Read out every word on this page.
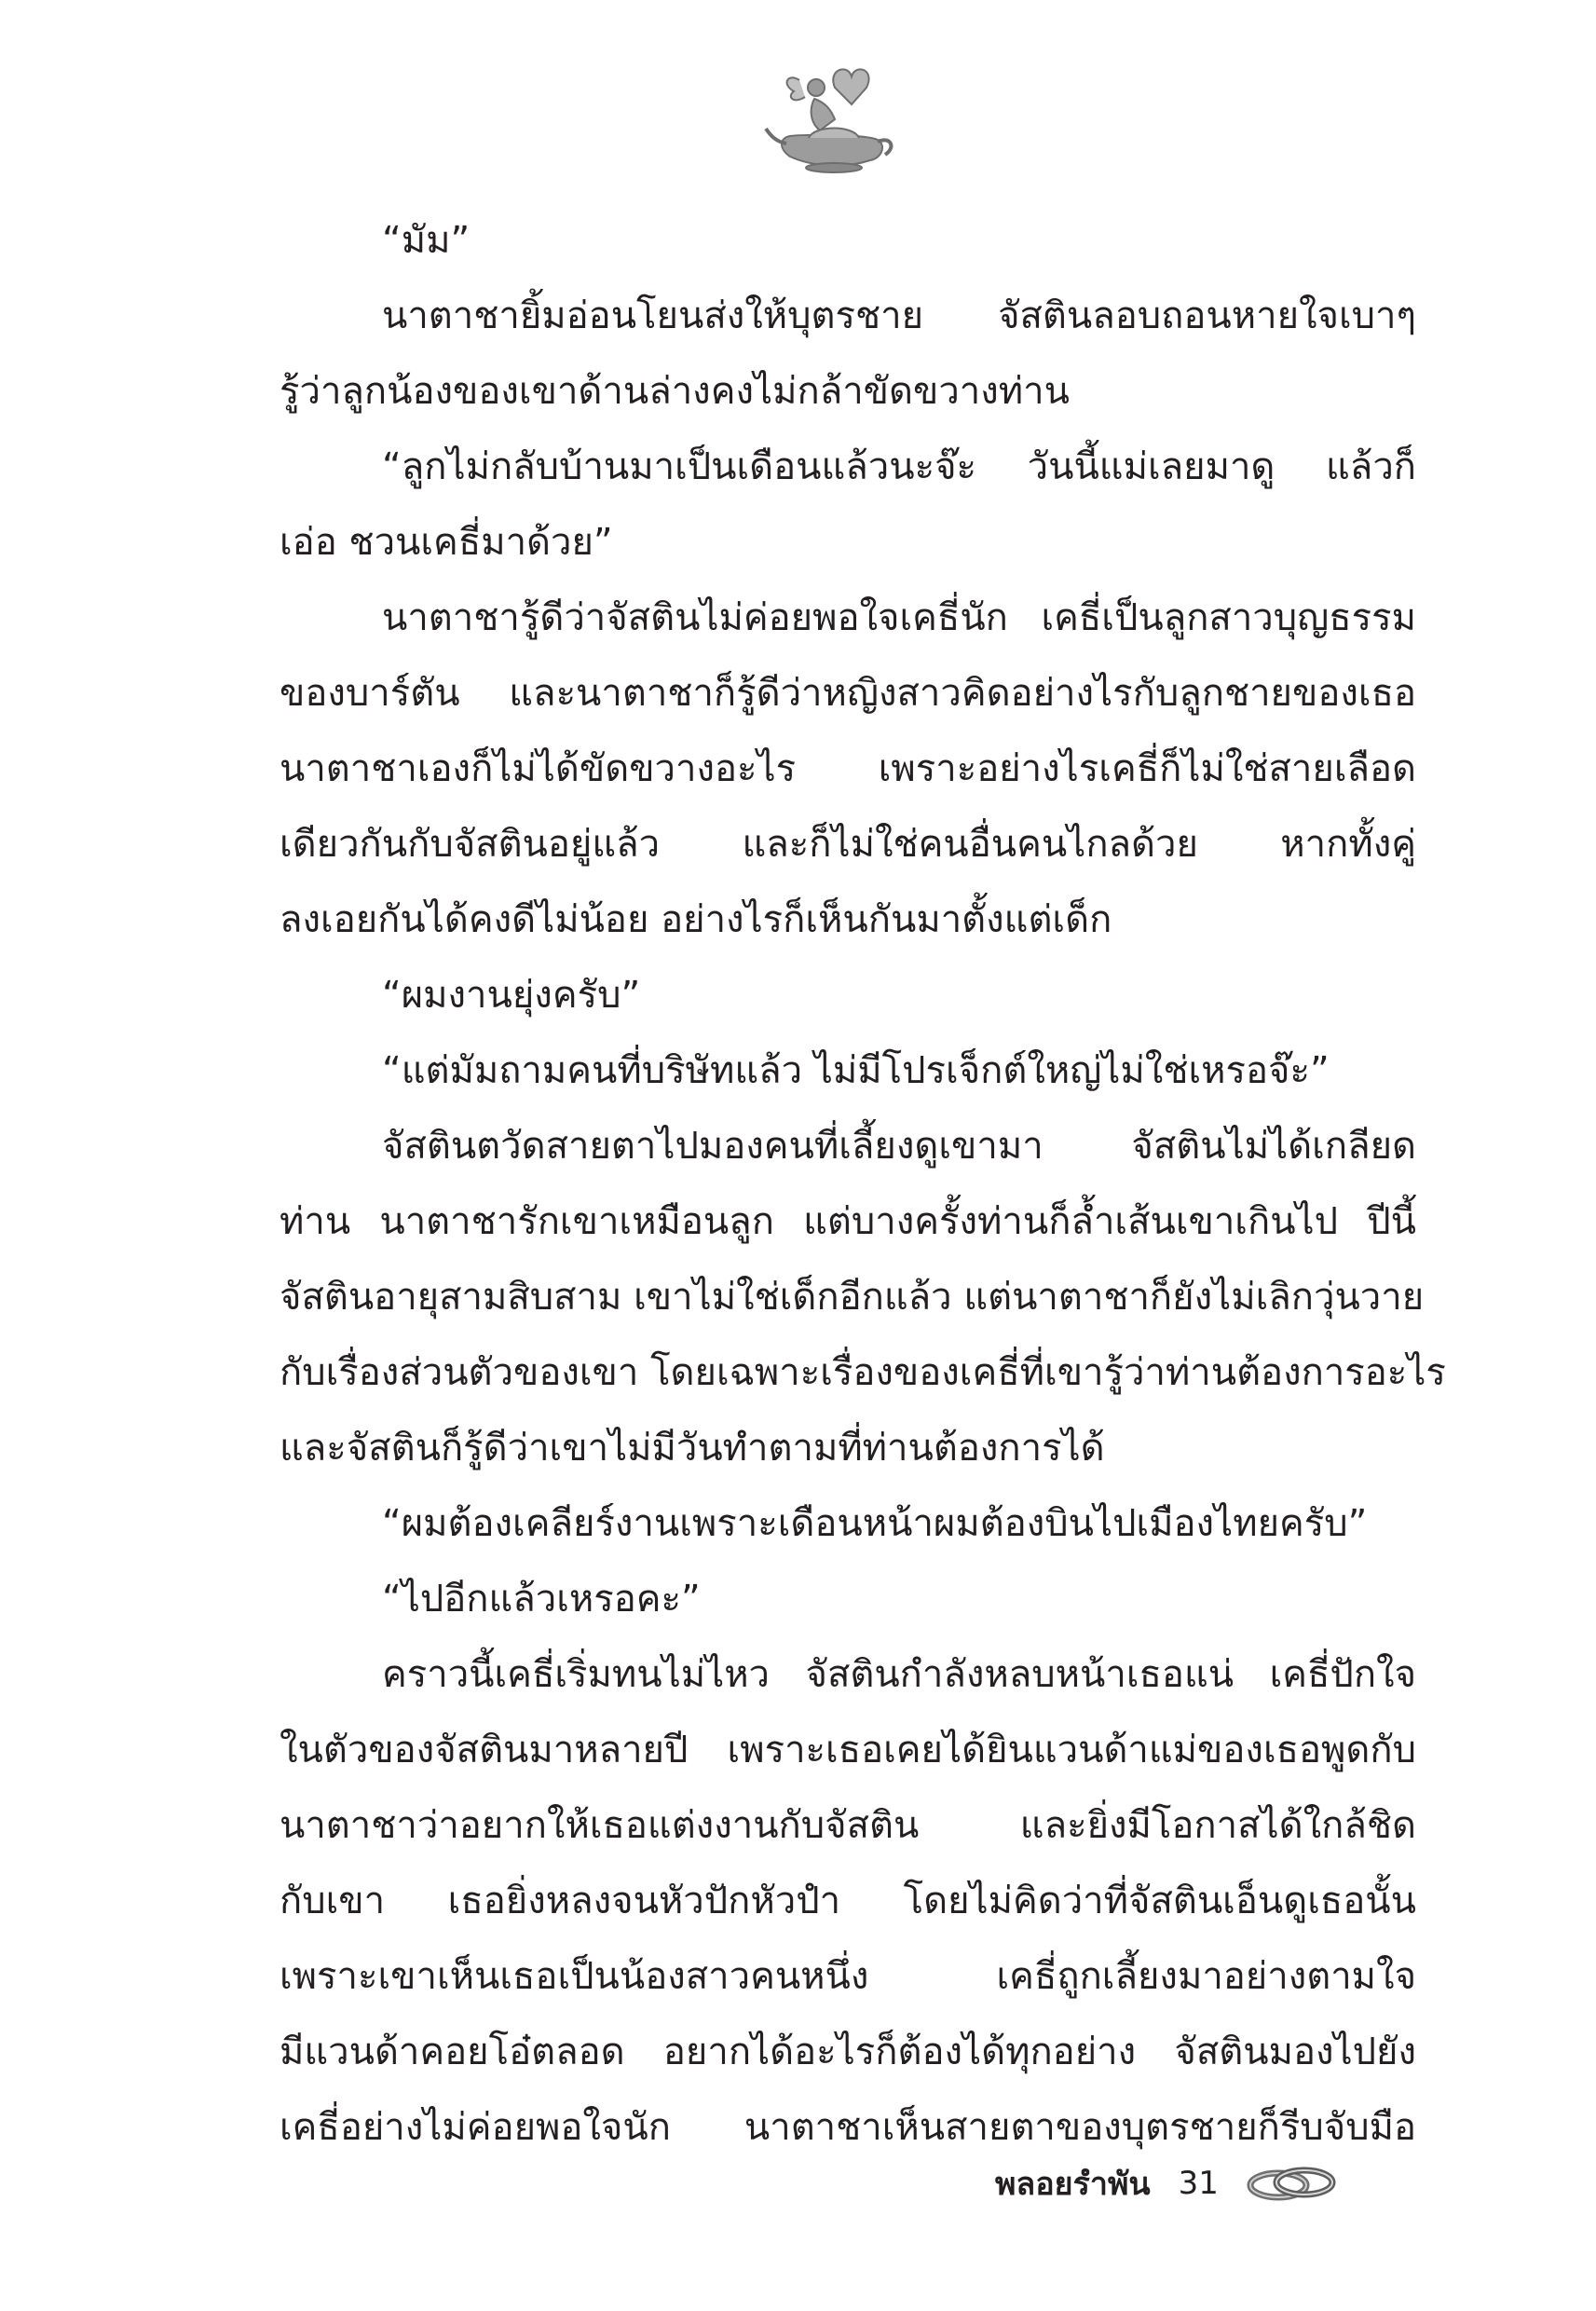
“มัม”
นาตาชายิ้มอ่อนโยนส่งให้บุตรชาย จัสตินลอบถอนหายใจเบาๆ
รู้ว่าลูกน้องของเขาด้านล่างคงไม่กล้าขัดขวางท่าน
“ลูกไม่กลับบ้านมาเป็นเดือนแล้วนะจ๊ะ วันนี้แม่เลยมาดู แล้วก็
เอ่อ ชวนเคธี่มาด้วย”
นาตาชารู้ดีว่าจัสตินไม่ค่อยพอใจเคธี่นัก เคธี่เป็นลูกสาวบุญธรรม
ของบาร์ตัน และนาตาชาก็รู้ดีว่าหญิงสาวคิดอย่างไรกับลูกชายของเธอ
นาตาชาเองก็ไม่ได้ขัดขวางอะไร เพราะอย่างไรเคธี่ก็ไม่ใช่สายเลือด
เดียวกันกับจัสตินอยู่แล้ว และก็ไม่ใช่คนอื่นคนไกลด้วย หากทั้งคู่
ลงเอยกันได้คงดีไม่น้อย อย่างไรก็เห็นกันมาตั้งแต่เด็ก
“ผมงานยุ่งครับ”
“แต่มัมถามคนที่บริษัทแล้ว ไม่มีโปรเจ็กต์ใหญ่ไม่ใช่เหรอจ๊ะ”
จัสตินตวัดสายตาไปมองคนที่เลี้ยงดูเขามา จัสตินไม่ได้เกลียด
ท่าน นาตาชารักเขาเหมือนลูก แต่บางครั้งท่านก็ล้ำเส้นเขาเกินไป ปีนี้
จัสตินอายุสามสิบสาม เขาไม่ใช่เด็กอีกแล้ว แต่นาตาชาก็ยังไม่เลิกวุ่นวาย
กับเรื่องส่วนตัวของเขา โดยเฉพาะเรื่องของเคธี่ที่เขารู้ว่าท่านต้องการอะไร
และจัสตินก็รู้ดีว่าเขาไม่มีวันทำตามที่ท่านต้องการได้
“ผมต้องเคลียร์งานเพราะเดือนหน้าผมต้องบินไปเมืองไทยครับ”
“ไปอีกแล้วเหรอคะ”
คราวนี้เคธี่เริ่มทนไม่ไหว จัสตินกำลังหลบหน้าเธอแน่ เคธี่ปักใจ
ในตัวของจัสตินมาหลายปี เพราะเธอเคยได้ยินแวนด้าแม่ของเธอพูดกับ
นาตาชาว่าอยากให้เธอแต่งงานกับจัสติน และยิ่งมีโอกาสได้ใกล้ชิด
กับเขา เธอยิ่งหลงจนหัวปักหัวปำ โดยไม่คิดว่าที่จัสตินเอ็นดูเธอนั้น
เพราะเขาเห็นเธอเป็นน้องสาวคนหนึ่ง เคธี่ถูกเลี้ยงมาอย่างตามใจ
มีแวนด้าคอยโอ๋ตลอด อยากได้อะไรก็ต้องได้ทุกอย่าง จัสตินมองไปยัง
เคธี่อย่างไม่ค่อยพอใจนัก นาตาชาเห็นสายตาของบุตรชายก็รีบจับมือ
พลอยรำพัน 31
